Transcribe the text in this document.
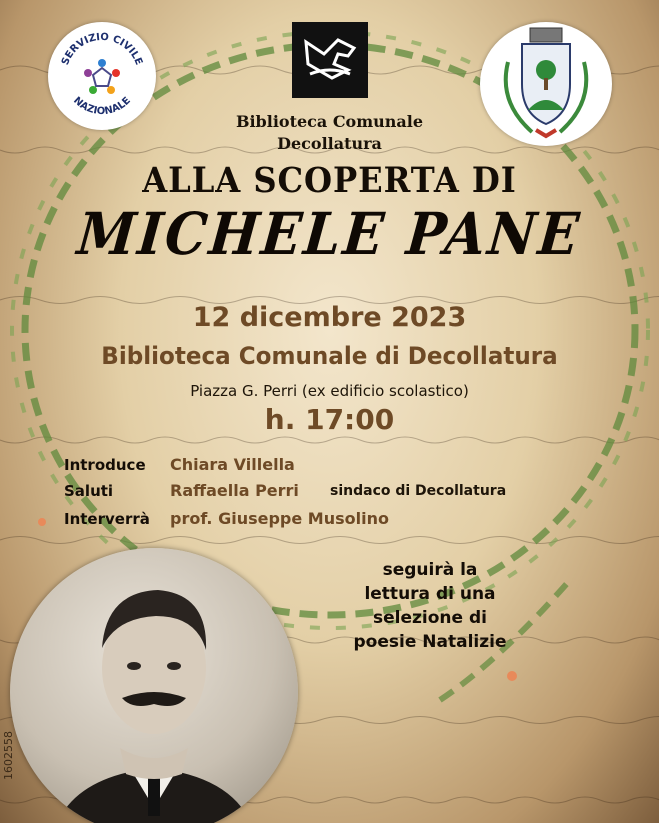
SERVIZIO CIVILE
NAZIONALE
Biblioteca Comunale
Decollatura
ALLA SCOPERTA DI
MICHELE PANE
12 dicembre 2023
Biblioteca Comunale di Decollatura
Piazza G. Perri (ex edificio scolastico)
h. 17:00
Introduce Chiara Villella
Saluti	Raffaella Perri sindaco di Decollatura
Interverrà prof. Giuseppe Musolino
seguirà la
lettura di una
selezione di
poesie Natalizie
1602558
